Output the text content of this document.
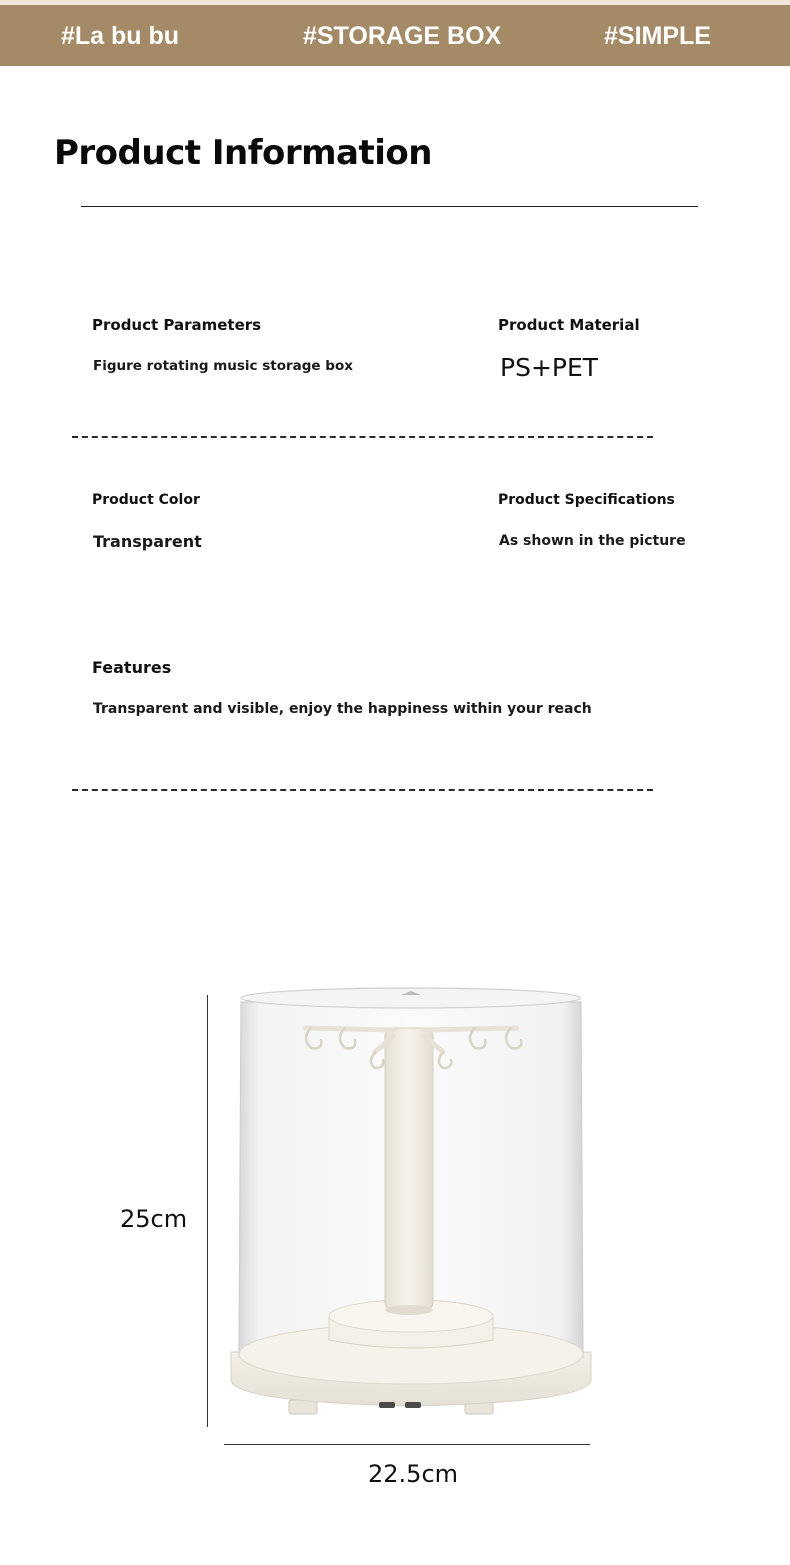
#La bu bu	#STORAGE BOX	#SIMPLE
Product Information
Product Parameters
Figure rotating music storage box
Product Material
PS+PET
Product Color
Transparent
Product Specifications
As shown in the picture
Features
Transparent and visible, enjoy the happiness within your reach
25cm
22.5cm
